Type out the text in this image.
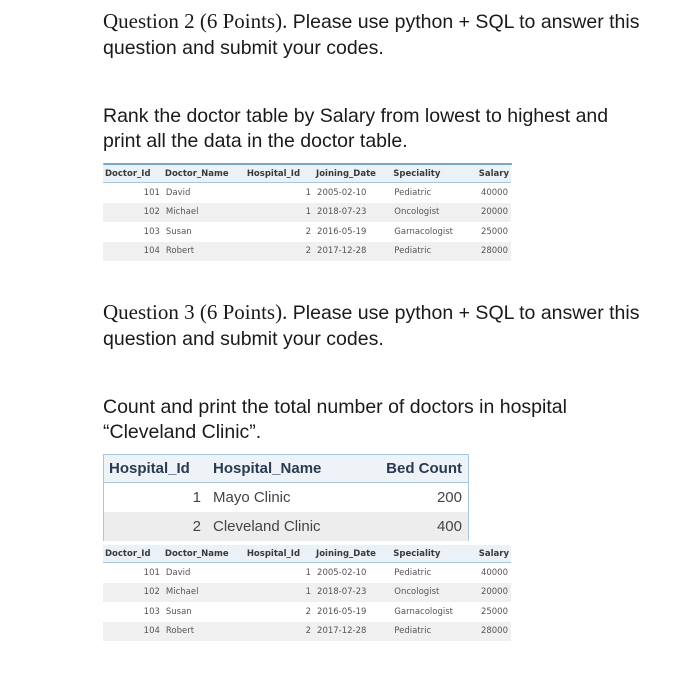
Question 2 (6 Points). Please use python + SQL to answer this question and submit your codes.
Rank the doctor table by Salary from lowest to highest and print all the data in the doctor table.
Doctor_Id	Doctor_Name	Hospital_Id	Joining_Date	Speciality	Salary
101	David	1	2005-02-10	Pediatric	40000
102	Michael	1	2018-07-23	Oncologist	20000
103	Susan	2	2016-05-19	Garnacologist	25000
104	Robert	2	2017-12-28	Pediatric	28000
Question 3 (6 Points). Please use python + SQL to answer this question and submit your codes.
Count and print the total number of doctors in hospital “Cleveland Clinic”.
Hospital_Id	Hospital_Name	Bed Count
1	Mayo Clinic	200
2	Cleveland Clinic	400
Doctor_Id	Doctor_Name	Hospital_Id	Joining_Date	Speciality	Salary
101	David	1	2005-02-10	Pediatric	40000
102	Michael	1	2018-07-23	Oncologist	20000
103	Susan	2	2016-05-19	Garnacologist	25000
104	Robert	2	2017-12-28	Pediatric	28000
